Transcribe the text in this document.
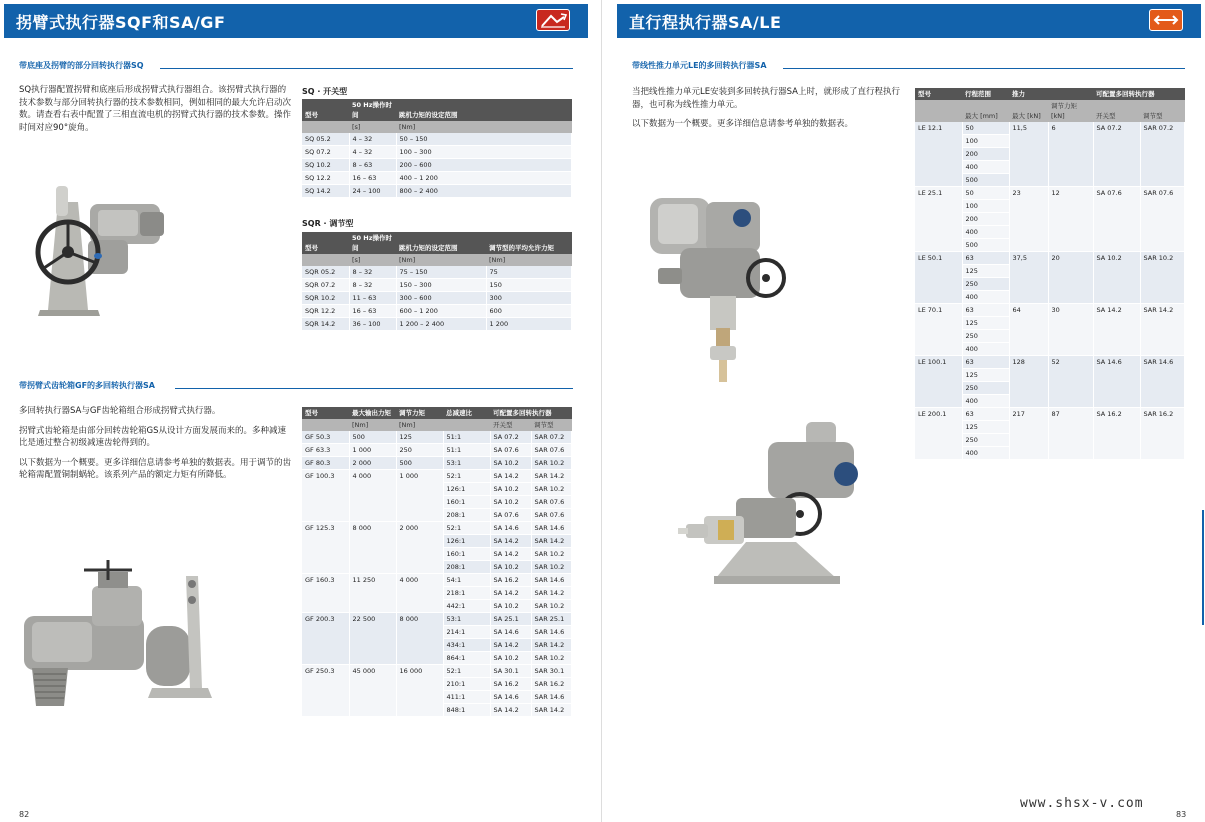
拐臂式执行器SQF和SA/GF
带底座及拐臂的部分回转执行器SQ

SQ执行器配置拐臂和底座后形成拐臂式执行器组合。该拐臂式执行器的技术参数与部分回转执行器的技术参数相同，例如相同的最大允许启动次数。请查看右表中配置了三相直流电机的拐臂式执行器的技术参数。操作时间对应90°旋角。

SQ · 开关型
型号	50 Hz操作时间	跳机力矩的设定范围
	[s]	[Nm]
SQ 05.2	4 – 32	50 – 150
SQ 07.2	4 – 32	100 – 300
SQ 10.2	8 – 63	200 – 600
SQ 12.2	16 – 63	400 – 1 200
SQ 14.2	24 – 100	800 – 2 400
SQR · 调节型
型号	50 Hz操作时间	跳机力矩的设定范围	调节型的平均允许力矩
	[s]	[Nm]	[Nm]
SQR 05.2	8 – 32	75 – 150	75
SQR 07.2	8 – 32	150 – 300	150
SQR 10.2	11 – 63	300 – 600	300
SQR 12.2	16 – 63	600 – 1 200	600
SQR 14.2	36 – 100	1 200 – 2 400	1 200
带拐臂式齿轮箱GF的多回转执行器SA

多回转执行器SA与GF齿轮箱组合形成拐臂式执行器。

拐臂式齿轮箱是由部分回转齿轮箱GS从设计方面发展而来的。多种减速比是通过整合初级减速齿轮得到的。

以下数据为一个概要。更多详细信息请参考单独的数据表。用于调节的齿轮箱需配置铜制蜗轮。该系列产品的额定力矩有所降低。

型号	最大输出力矩	调节力矩	总减速比	可配置多回转执行器	

	[Nm]	[Nm]		开关型	调节型
GF 50.3	500	125	51:1	SA 07.2	SAR 07.2
GF 63.3	1 000	250	51:1	SA 07.6	SAR 07.6
GF 80.3	2 000	500	53:1	SA 10.2	SAR 10.2
GF 100.3	4 000	1 000	52:1	SA 14.2	SAR 14.2
			126:1	SA 10.2	SAR 10.2
			160:1	SA 10.2	SAR 07.6
			208:1	SA 07.6	SAR 07.6
GF 125.3	8 000	2 000	52:1	SA 14.6	SAR 14.6
			126:1	SA 14.2	SAR 14.2
			160:1	SA 14.2	SAR 10.2
			208:1	SA 10.2	SAR 10.2
GF 160.3	11 250	4 000	54:1	SA 16.2	SAR 14.6
			218:1	SA 14.2	SAR 14.2
			442:1	SA 10.2	SAR 10.2
GF 200.3	22 500	8 000	53:1	SA 25.1	SAR 25.1
			214:1	SA 14.6	SAR 14.6
			434:1	SA 14.2	SAR 14.2
			864:1	SA 10.2	SAR 10.2
GF 250.3	45 000	16 000	52:1	SA 30.1	SAR 30.1
			210:1	SA 16.2	SAR 16.2
			411:1	SA 14.6	SAR 14.6
			848:1	SA 14.2	SAR 14.2
82
直行程执行器SA/LE
带线性推力单元LE的多回转执行器SA

当把线性推力单元LE安装到多回转执行器SA上时，就形成了直行程执行器，也可称为线性推力单元。

以下数据为一个概要。更多详细信息请参考单独的数据表。

型号	行程范围	推力		可配置多回转执行器	
	最大 [mm]	最大 [kN]	调节力矩 [kN]	开关型	调节型
LE 12.1	50	11,5	6	SA 07.2	SAR 07.2
	100				
	200				
	400				
	500				
LE 25.1	50	23	12	SA 07.6	SAR 07.6
	100				
	200				
	400				
	500				
LE 50.1	63	37,5	20	SA 10.2	SAR 10.2
	125				
	250				
	400				
LE 70.1	63	64	30	SA 14.2	SAR 14.2
	125				
	250				
	400				
LE 100.1	63	128	52	SA 14.6	SAR 14.6
	125				
	250				
	400				
LE 200.1	63	217	87	SA 16.2	SAR 16.2
	125				
	250				
	400				
www.shsx-v.com
83
